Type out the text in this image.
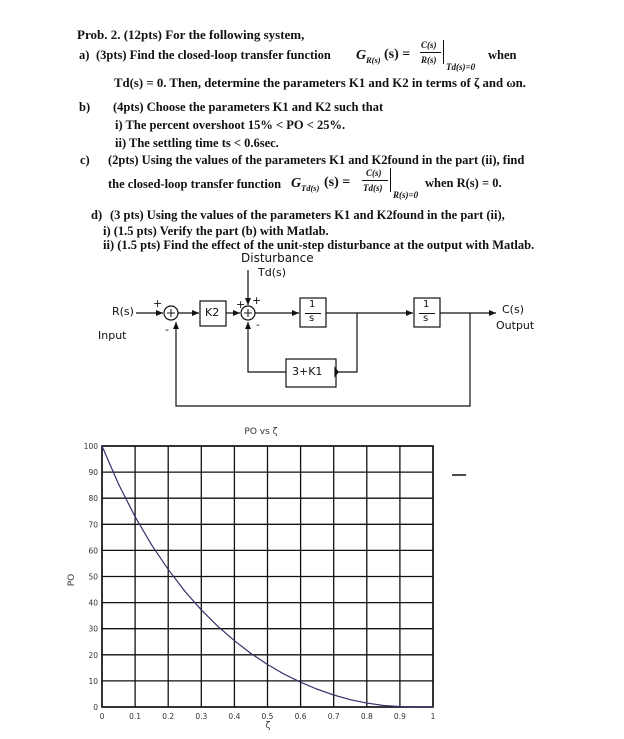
Prob. 2. (12pts) For the following system,
a) (3pts) Find the closed-loop transfer function G R(s) (s) =
C(s)
R(s)
Td(s)=0
when
Td(s) = 0. Then, determine the parameters K1 and K2 in terms of ζ and ωn.
b) (4pts) Choose the parameters K1 and K2 such that
i) The percent overshoot 15% < PO < 25%.
ii) The settling time ts < 0.6sec.
c) (2pts) Using the values of the parameters K1 and K2found in the part (ii), find
the closed-loop transfer function G Td(s) (s) =
C(s)
Td(s)
R(s)=0
when R(s) = 0.
d) (3 pts) Using the values of the parameters K1 and K2found in the part (ii),
i) (1.5 pts) Verify the part (b) with Matlab.
ii) (1.5 pts) Find the effect of the unit-step disturbance at the output with Matlab.
Disturbance
Td(s)
R(s)
Input
C(s)
Output
K2
1
s
1
s
3+K1
+
-
+ +
-
0	0.1	0.2	0.3	0.4	0.5	0.6	0.7	0.8	0.9	1
0
10
20
30
40
50
60
70
80
90
100
PO vs ζ
PO
ζ
